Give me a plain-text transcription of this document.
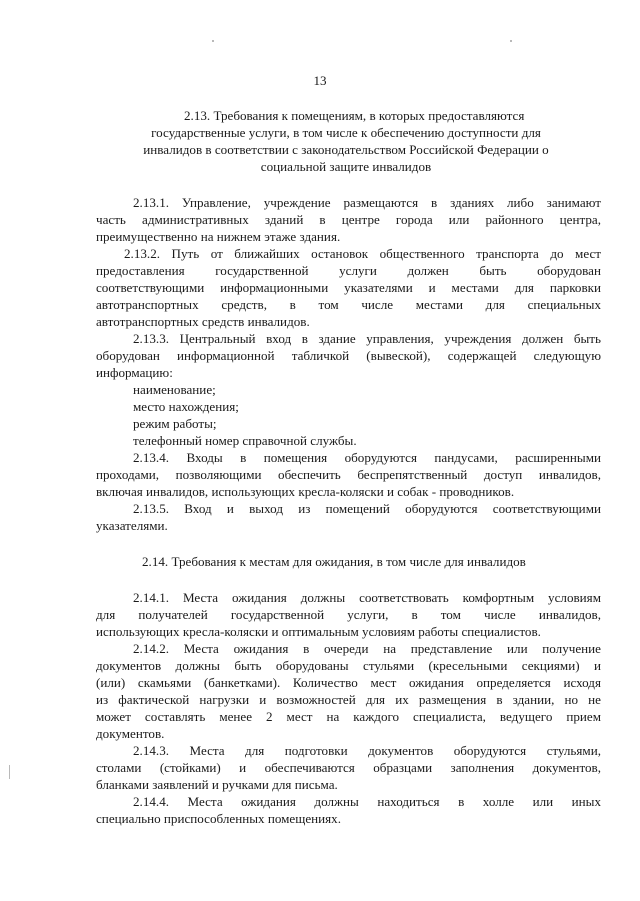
13
2.13. Требования к помещениям, в которых предоставляются
государственные услуги, в том числе к обеспечению доступности для
инвалидов в соответствии с законодательством Российской Федерации о
социальной защите инвалидов
2.13.1. Управление, учреждение размещаются в зданиях либо занимают
часть административных зданий в центре города или районного центра,
преимущественно на нижнем этаже здания.
2.13.2. Путь от ближайших остановок общественного транспорта до мест
предоставления государственной услуги должен быть оборудован
соответствующими информационными указателями и местами для парковки
автотранспортных средств, в том числе местами для специальных
автотранспортных средств инвалидов.
2.13.3. Центральный вход в здание управления, учреждения должен быть
оборудован информационной табличкой (вывеской), содержащей следующую
информацию:
наименование;
место нахождения;
режим работы;
телефонный номер справочной службы.
2.13.4. Входы в помещения оборудуются пандусами, расширенными
проходами, позволяющими обеспечить беспрепятственный доступ инвалидов,
включая инвалидов, использующих кресла-коляски и собак - проводников.
2.13.5. Вход и выход из помещений оборудуются соответствующими
указателями.
2.14. Требования к местам для ожидания, в том числе для инвалидов
2.14.1. Места ожидания должны соответствовать комфортным условиям
для получателей государственной услуги, в том числе инвалидов,
использующих кресла-коляски и оптимальным условиям работы специалистов.
2.14.2. Места ожидания в очереди на представление или получение
документов должны быть оборудованы стульями (кресельными секциями) и
(или) скамьями (банкетками). Количество мест ожидания определяется исходя
из фактической нагрузки и возможностей для их размещения в здании, но не
может составлять менее 2 мест на каждого специалиста, ведущего прием
документов.
2.14.3. Места для подготовки документов оборудуются стульями,
столами (стойками) и обеспечиваются образцами заполнения документов,
бланками заявлений и ручками для письма.
2.14.4. Места ожидания должны находиться в холле или иных
специально приспособленных помещениях.
